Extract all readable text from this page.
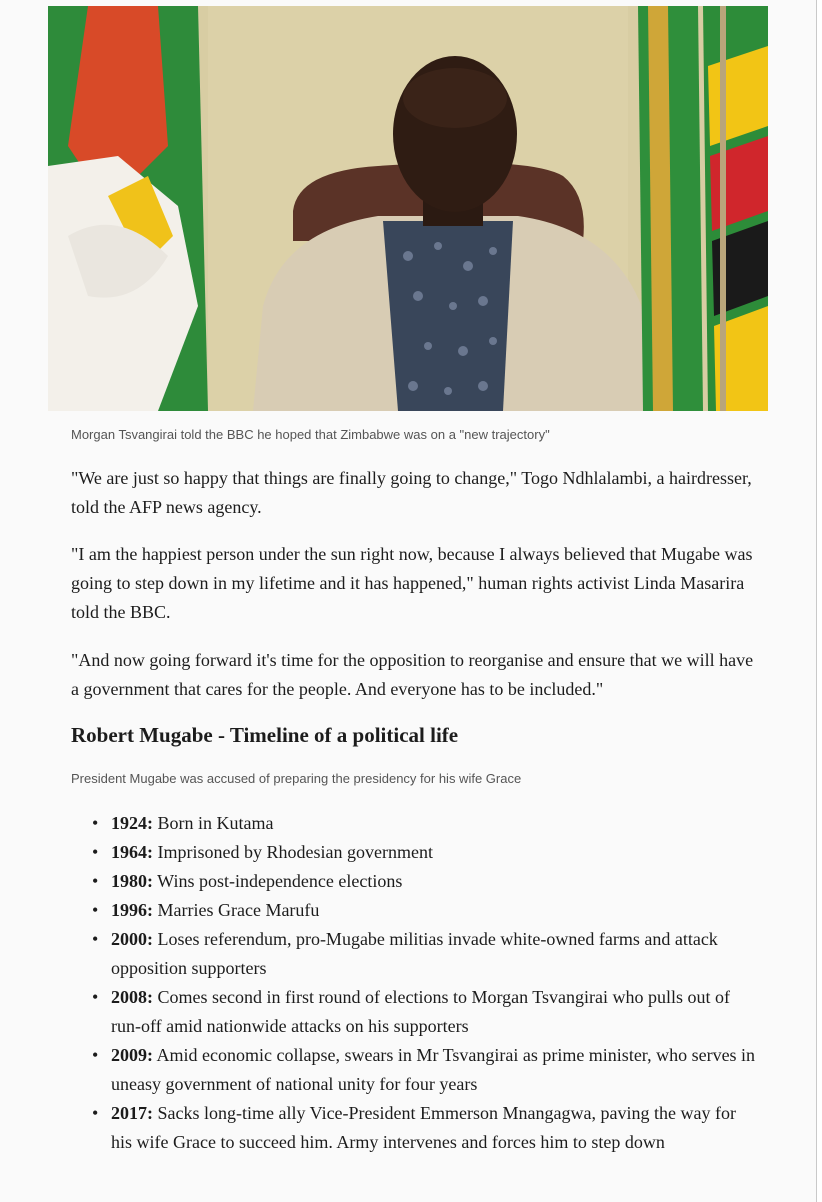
Morgan Tsvangirai told the BBC he hoped that Zimbabwe was on a "new trajectory"

"We are just so happy that things are finally going to change," Togo Ndhlalambi, a hairdresser, told the AFP news agency.

"I am the happiest person under the sun right now, because I always believed that Mugabe was going to step down in my lifetime and it has happened," human rights activist Linda Masarira told the BBC.

"And now going forward it's time for the opposition to reorganise and ensure that we will have a government that cares for the people. And everyone has to be included."

Robert Mugabe - Timeline of a political life

President Mugabe was accused of preparing the presidency for his wife Grace

• 1924: Born in Kutama
• 1964: Imprisoned by Rhodesian government
• 1980: Wins post-independence elections
• 1996: Marries Grace Marufu
• 2000: Loses referendum, pro-Mugabe militias invade white-owned farms and attack opposition supporters
• 2008: Comes second in first round of elections to Morgan Tsvangirai who pulls out of run-off amid nationwide attacks on his supporters
• 2009: Amid economic collapse, swears in Mr Tsvangirai as prime minister, who serves in uneasy government of national unity for four years
• 2017: Sacks long-time ally Vice-President Emmerson Mnangagwa, paving the way for his wife Grace to succeed him. Army intervenes and forces him to step down
